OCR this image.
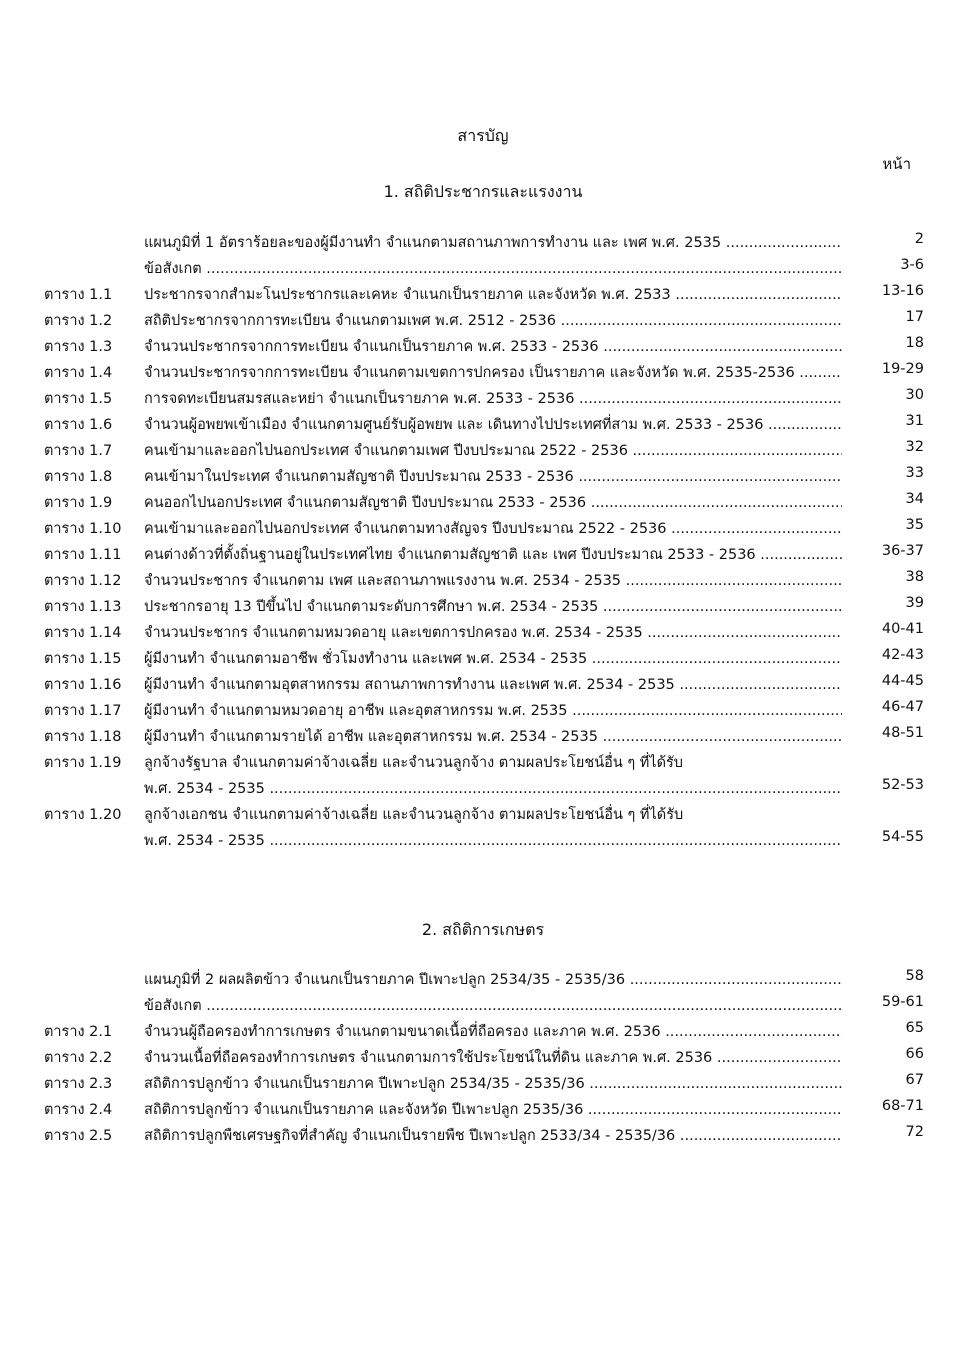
สารบัญ
หน้า
1. สถิติประชากรและแรงงาน
2. สถิติการเกษตร
แผนภูมิที่ 1 อัตราร้อยละของผู้มีงานทำ จำแนกตามสถานภาพการทำงาน และ เพศ พ.ศ. 2535 .....	2
ข้อสังเกต .....	3-6
ตาราง 1.1 ประชากรจากสำมะโนประชากรและเคหะ จำแนกเป็นรายภาค และจังหวัด พ.ศ. 2533 .....	13-16
ตาราง 1.2 สถิติประชากรจากการทะเบียน จำแนกตามเพศ พ.ศ. 2512 - 2536 .....	17
ตาราง 1.3 จำนวนประชากรจากการทะเบียน จำแนกเป็นรายภาค พ.ศ. 2533 - 2536 .....	18
ตาราง 1.4 จำนวนประชากรจากการทะเบียน จำแนกตามเขตการปกครอง เป็นรายภาค และจังหวัด พ.ศ. 2535-2536 .....	19-29
ตาราง 1.5 การจดทะเบียนสมรสและหย่า จำแนกเป็นรายภาค พ.ศ. 2533 - 2536 .....	30
ตาราง 1.6 จำนวนผู้อพยพเข้าเมือง จำแนกตามศูนย์รับผู้อพยพ และ เดินทางไปประเทศที่สาม พ.ศ. 2533 - 2536 .....	31
ตาราง 1.7 คนเข้ามาและออกไปนอกประเทศ จำแนกตามเพศ ปีงบประมาณ 2522 - 2536 .....	32
ตาราง 1.8 คนเข้ามาในประเทศ จำแนกตามสัญชาติ ปีงบประมาณ 2533 - 2536 .....	33
ตาราง 1.9 คนออกไปนอกประเทศ จำแนกตามสัญชาติ ปีงบประมาณ 2533 - 2536 .....	34
ตาราง 1.10 คนเข้ามาและออกไปนอกประเทศ จำแนกตามทางสัญจร ปีงบประมาณ 2522 - 2536 .....	35
ตาราง 1.11 คนต่างด้าวที่ตั้งถิ่นฐานอยู่ในประเทศไทย จำแนกตามสัญชาติ และ เพศ ปีงบประมาณ 2533 - 2536 .....	36-37
ตาราง 1.12 จำนวนประชากร จำแนกตาม เพศ และสถานภาพแรงงาน พ.ศ. 2534 - 2535 .....	38
ตาราง 1.13 ประชากรอายุ 13 ปีขึ้นไป จำแนกตามระดับการศึกษา พ.ศ. 2534 - 2535 .....	39
ตาราง 1.14 จำนวนประชากร จำแนกตามหมวดอายุ และเขตการปกครอง พ.ศ. 2534 - 2535 .....	40-41
ตาราง 1.15 ผู้มีงานทำ จำแนกตามอาชีพ ชั่วโมงทำงาน และเพศ พ.ศ. 2534 - 2535 .....	42-43
ตาราง 1.16 ผู้มีงานทำ จำแนกตามอุตสาหกรรม สถานภาพการทำงาน และเพศ พ.ศ. 2534 - 2535 .....	44-45
ตาราง 1.17 ผู้มีงานทำ จำแนกตามหมวดอายุ อาชีพ และอุตสาหกรรม พ.ศ. 2535 .....	46-47
ตาราง 1.18 ผู้มีงานทำ จำแนกตามรายได้ อาชีพ และอุตสาหกรรม พ.ศ. 2534 - 2535 .....	48-51
ตาราง 1.19 ลูกจ้างรัฐบาล จำแนกตามค่าจ้างเฉลี่ย และจำนวนลูกจ้าง ตามผลประโยชน์อื่น ๆ ที่ได้รับ
พ.ศ. 2534 - 2535 .....	52-53
ตาราง 1.20 ลูกจ้างเอกชน จำแนกตามค่าจ้างเฉลี่ย และจำนวนลูกจ้าง ตามผลประโยชน์อื่น ๆ ที่ได้รับ
พ.ศ. 2534 - 2535 .....	54-55
แผนภูมิที่ 2 ผลผลิตข้าว จำแนกเป็นรายภาค ปีเพาะปลูก 2534/35 - 2535/36 .....	58
ข้อสังเกต .....	59-61
ตาราง 2.1 จำนวนผู้ถือครองทำการเกษตร จำแนกตามขนาดเนื้อที่ถือครอง และภาค พ.ศ. 2536 .....	65
ตาราง 2.2 จำนวนเนื้อที่ถือครองทำการเกษตร จำแนกตามการใช้ประโยชน์ในที่ดิน และภาค พ.ศ. 2536 .....	66
ตาราง 2.3 สถิติการปลูกข้าว จำแนกเป็นรายภาค ปีเพาะปลูก 2534/35 - 2535/36 .....	67
ตาราง 2.4 สถิติการปลูกข้าว จำแนกเป็นรายภาค และจังหวัด ปีเพาะปลูก 2535/36 .....	68-71
ตาราง 2.5 สถิติการปลูกพืชเศรษฐกิจที่สำคัญ จำแนกเป็นรายพืช ปีเพาะปลูก 2533/34 - 2535/36 .....	72
